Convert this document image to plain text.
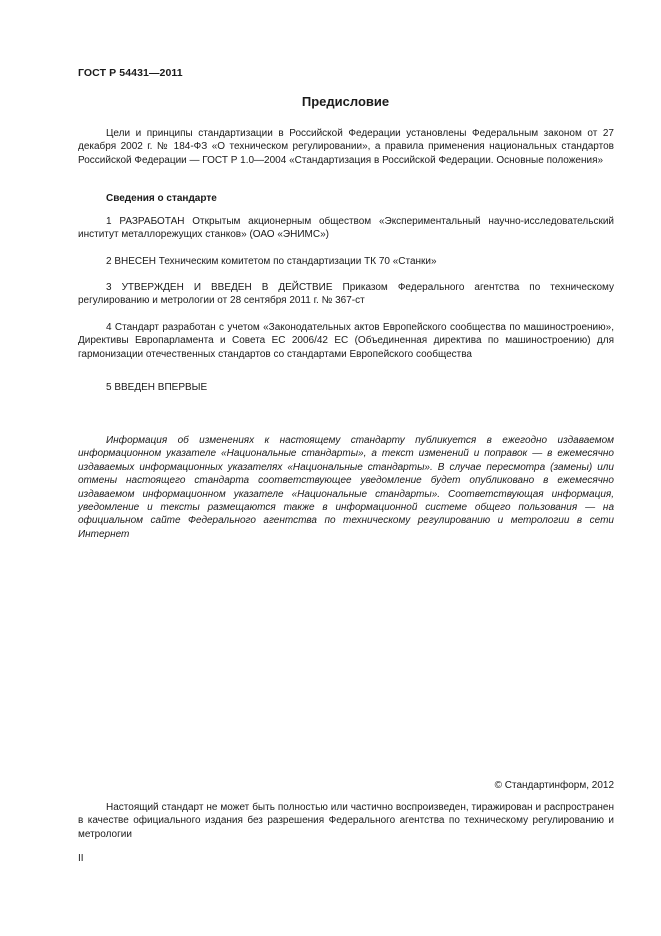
ГОСТ Р 54431—2011
Предисловие

Цели и принципы стандартизации в Российской Федерации установлены Федеральным законом от 27 декабря 2002 г. № 184-ФЗ «О техническом регулировании», а правила применения национальных стандартов Российской Федерации — ГОСТ Р 1.0—2004 «Стандартизация в Российской Федерации. Основные положения»

Сведения о стандарте

1 РАЗРАБОТАН Открытым акционерным обществом «Экспериментальный научно-исследовательский институт металлорежущих станков» (ОАО «ЭНИМС»)

2 ВНЕСЕН Техническим комитетом по стандартизации ТК 70 «Станки»

3 УТВЕРЖДЕН И ВВЕДЕН В ДЕЙСТВИЕ Приказом Федерального агентства по техническому регулированию и метрологии от 28 сентября 2011 г. № 367-ст

4 Стандарт разработан с учетом «Законодательных актов Европейского сообщества по машиностроению», Директивы Европарламента и Совета ЕС 2006/42 ЕС (Объединенная директива по машиностроению) для гармонизации отечественных стандартов со стандартами Европейского сообщества

5 ВВЕДЕН ВПЕРВЫЕ

Информация об изменениях к настоящему стандарту публикуется в ежегодно издаваемом информационном указателе «Национальные стандарты», а текст изменений и поправок — в ежемесячно издаваемых информационных указателях «Национальные стандарты». В случае пересмотра (замены) или отмены настоящего стандарта соответствующее уведомление будет опубликовано в ежемесячно издаваемом информационном указателе «Национальные стандарты». Соответствующая информация, уведомление и тексты размещаются также в информационной системе общего пользования — на официальном сайте Федерального агентства по техническому регулированию и метрологии в сети Интернет

© Стандартинформ, 2012

Настоящий стандарт не может быть полностью или частично воспроизведен, тиражирован и распространен в качестве официального издания без разрешения Федерального агентства по техническому регулированию и метрологии

II
